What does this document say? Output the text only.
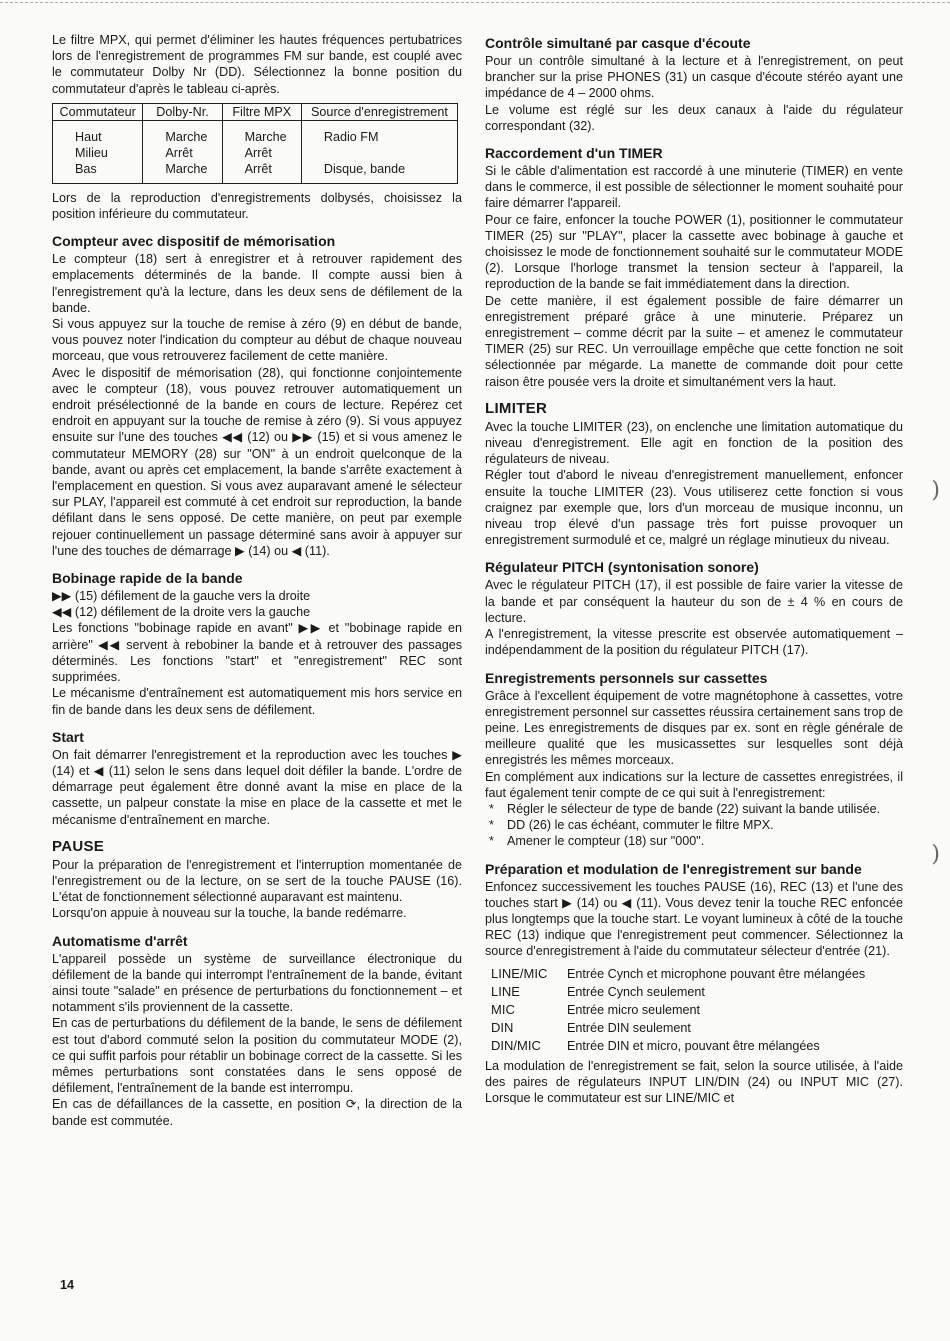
Le filtre MPX, qui permet d'éliminer les hautes fréquences pertubatrices lors de l'enregistrement de programmes FM sur bande, est couplé avec le commutateur Dolby Nr (DD). Sélectionnez la bonne position du commutateur d'après le tableau ci-après.

Commutateur	Dolby-Nr.	Filtre MPX	Source d'enregistrement
Haut	Marche	Marche	Radio FM
Milieu	Arrêt	Arrêt	
Bas	Marche	Arrêt	Disque, bande

Lors de la reproduction d'enregistrements dolbysés, choisissez la position inférieure du commutateur.

Compteur avec dispositif de mémorisation

Le compteur (18) sert à enregistrer et à retrouver rapidement des emplacements déterminés de la bande. Il compte aussi bien à l'enregistrement qu'à la lecture, dans les deux sens de défilement de la bande.

Si vous appuyez sur la touche de remise à zéro (9) en début de bande, vous pouvez noter l'indication du compteur au début de chaque nouveau morceau, que vous retrouverez facilement de cette manière.

Avec le dispositif de mémorisation (28), qui fonctionne conjointemente avec le compteur (18), vous pouvez retrouver automatiquement un endroit présélectionné de la bande en cours de lecture. Repérez cet endroit en appuyant sur la touche de remise à zéro (9). Si vous appuyez ensuite sur l'une des touches ◀◀ (12) ou ▶▶ (15) et si vous amenez le commutateur MEMORY (28) sur "ON" à un endroit quelconque de la bande, avant ou après cet emplacement, la bande s'arrête exactement à l'emplacement en question. Si vous avez auparavant amené le sélecteur sur PLAY, l'appareil est commuté à cet endroit sur reproduction, la bande défilant dans le sens opposé. De cette manière, on peut par exemple rejouer continuellement un passage déterminé sans avoir à appuyer sur l'une des touches de démarrage ▶ (14) ou ◀ (11).

Bobinage rapide de la bande

▶▶ (15) défilement de la gauche vers la droite

◀◀ (12) défilement de la droite vers la gauche

Les fonctions "bobinage rapide en avant" ▶▶ et "bobinage rapide en arrière" ◀◀ servent à rebobiner la bande et à retrouver des passages déterminés. Les fonctions "start" et "enregistrement" REC sont supprimées.

Le mécanisme d'entraînement est automatiquement mis hors service en fin de bande dans les deux sens de défilement.

Start

On fait démarrer l'enregistrement et la reproduction avec les touches ▶ (14) et ◀ (11) selon le sens dans lequel doit défiler la bande. L'ordre de démarrage peut également être donné avant la mise en place de la cassette, un palpeur constate la mise en place de la cassette et met le mécanisme d'entraînement en marche.

PAUSE

Pour la préparation de l'enregistrement et l'interruption momentanée de l'enregistrement ou de la lecture, on se sert de la touche PAUSE (16). L'état de fonctionnement sélectionné auparavant est maintenu.

Lorsqu'on appuie à nouveau sur la touche, la bande redémarre.

Automatisme d'arrêt

L'appareil possède un système de surveillance électronique du défilement de la bande qui interrompt l'entraînement de la bande, évitant ainsi toute "salade" en présence de perturbations du fonctionnement – et notamment s'ils proviennent de la cassette.

En cas de perturbations du défilement de la bande, le sens de défilement est tout d'abord commuté selon la position du commutateur MODE (2), ce qui suffit parfois pour rétablir un bobinage correct de la cassette. Si les mêmes perturbations sont constatées dans le sens opposé de défilement, l'entraînement de la bande est interrompu.

En cas de défaillances de la cassette, en position ⟳, la direction de la bande est commutée.

Contrôle simultané par casque d'écoute

Pour un contrôle simultané à la lecture et à l'enregistrement, on peut brancher sur la prise PHONES (31) un casque d'écoute stéréo ayant une impédance de 4 – 2000 ohms.

Le volume est réglé sur les deux canaux à l'aide du régulateur correspondant (32).

Raccordement d'un TIMER

Si le câble d'alimentation est raccordé à une minuterie (TIMER) en vente dans le commerce, il est possible de sélectionner le moment souhaité pour faire démarrer l'appareil.

Pour ce faire, enfoncer la touche POWER (1), positionner le commutateur TIMER (25) sur "PLAY", placer la cassette avec bobinage à gauche et choisissez le mode de fonctionnement souhaité sur le commutateur MODE (2). Lorsque l'horloge transmet la tension secteur à l'appareil, la reproduction de la bande se fait immédiatement dans la direction.

De cette manière, il est également possible de faire démarrer un enregistrement préparé grâce à une minuterie. Préparez un enregistrement – comme décrit par la suite – et amenez le commutateur TIMER (25) sur REC. Un verrouillage empêche que cette fonction ne soit sélectionnée par mégarde. La manette de commande doit pour cette raison être pousée vers la droite et simultanément vers la haut.

LIMITER

Avec la touche LIMITER (23), on enclenche une limitation automatique du niveau d'enregistrement. Elle agit en fonction de la position des régulateurs de niveau.

Régler tout d'abord le niveau d'enregistrement manuellement, enfoncer ensuite la touche LIMITER (23). Vous utiliserez cette fonction si vous craignez par exemple que, lors d'un morceau de musique inconnu, un niveau trop élevé d'un passage très fort puisse provoquer un enregistrement surmodulé et ce, malgré un réglage minutieux du niveau.

Régulateur PITCH (syntonisation sonore)

Avec le régulateur PITCH (17), il est possible de faire varier la vitesse de la bande et par conséquent la hauteur du son de ± 4 % en cours de lecture.

A l'enregistrement, la vitesse prescrite est observée automatiquement – indépendamment de la position du régulateur PITCH (17).

Enregistrements personnels sur cassettes

Grâce à l'excellent équipement de votre magnétophone à cassettes, votre enregistrement personnel sur cassettes réussira certainement sans trop de peine. Les enregistrements de disques par ex. sont en règle générale de meilleure qualité que les musicassettes sur lesquelles sont déjà enregistrés les mêmes morceaux.

En complément aux indications sur la lecture de cassettes enregistrées, il faut également tenir compte de ce qui suit à l'enregistrement:

* Régler le sélecteur de type de bande (22) suivant la bande utilisée.
* DD (26) le cas échéant, commuter le filtre MPX.
* Amener le compteur (18) sur "000".
Préparation et modulation de l'enregistrement sur bande

Enfoncez successivement les touches PAUSE (16), REC (13) et l'une des touches start ▶ (14) ou ◀ (11). Vous devez tenir la touche REC enfoncée plus longtemps que la touche start. Le voyant lumineux à côté de la touche REC (13) indique que l'enregistrement peut commencer. Sélectionnez la source d'enregistrement à l'aide du commutateur sélecteur d'entrée (21).

LINE/MIC	Entrée Cynch et microphone pouvant être mélangées
LINE	Entrée Cynch seulement
MIC	Entrée micro seulement
DIN	Entrée DIN seulement
DIN/MIC	Entrée DIN et micro, pouvant être mélangées

La modulation de l'enregistrement se fait, selon la source utilisée, à l'aide des paires de régulateurs INPUT LIN/DIN (24) ou INPUT MIC (27). Lorsque le commutateur est sur LINE/MIC et

)
)
14
